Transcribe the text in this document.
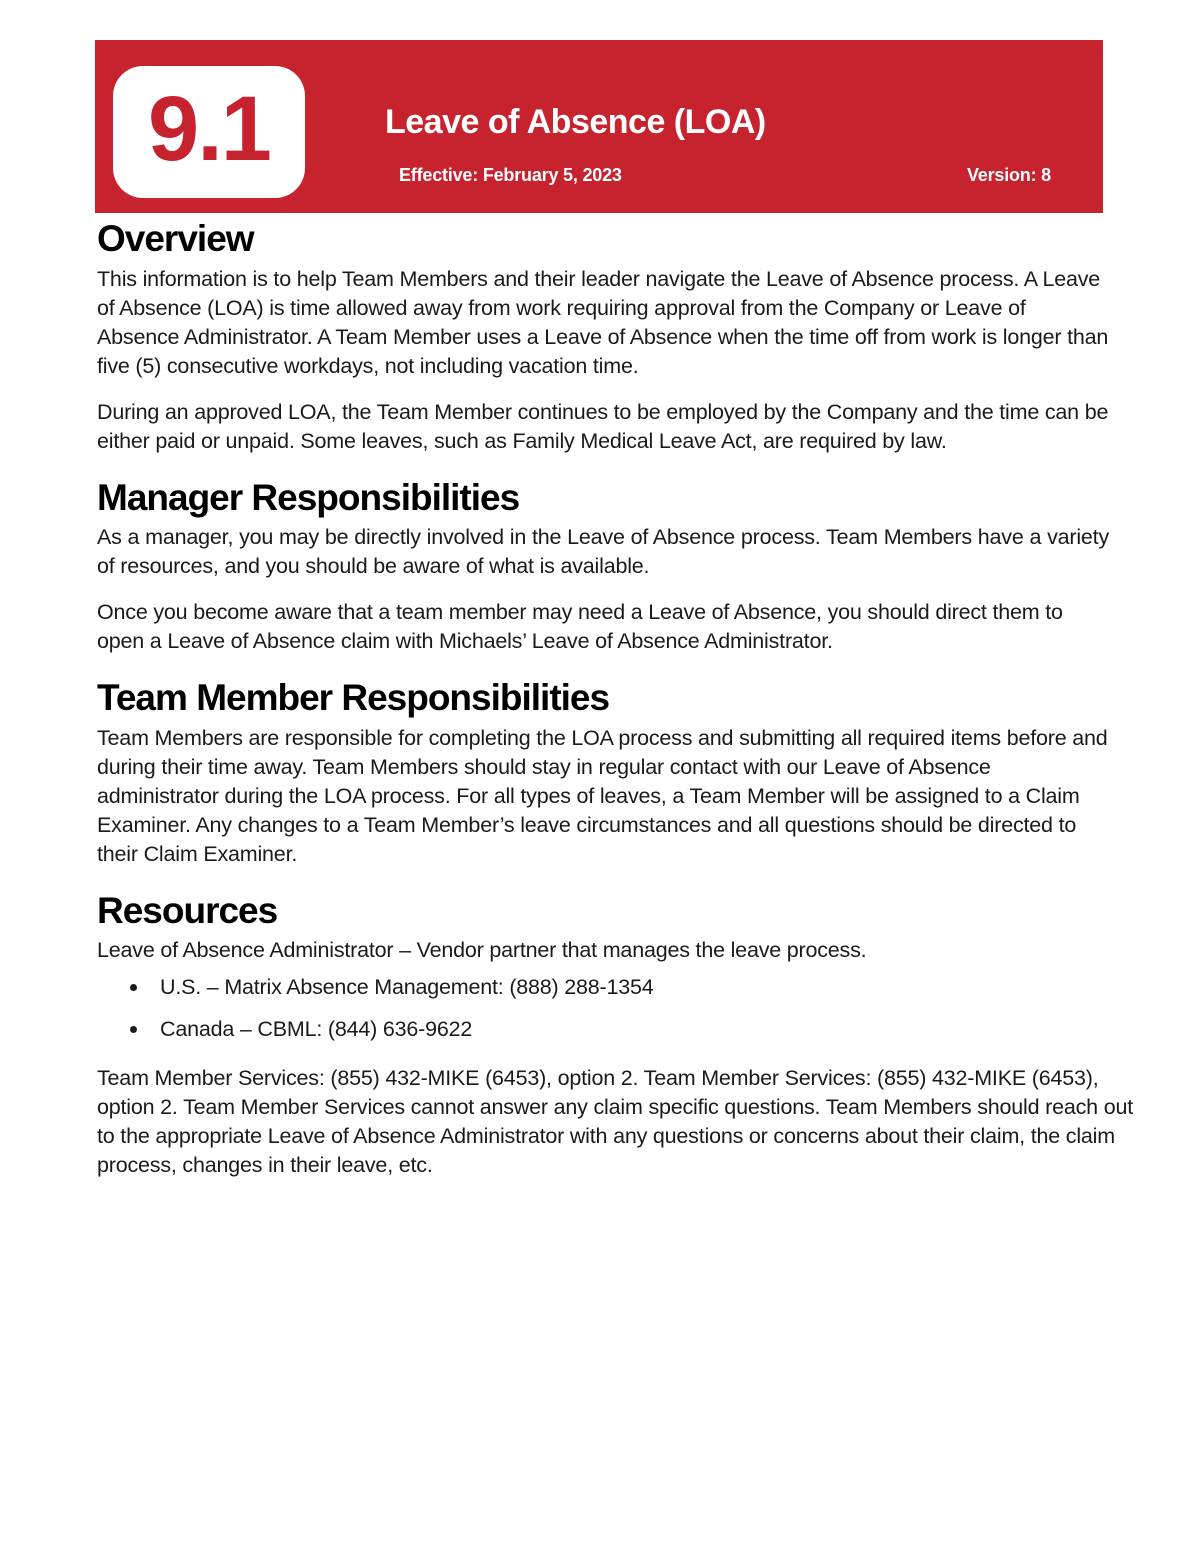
9.1	Leave of Absence (LOA)
Effective: February 5, 2023	Version: 8
Overview

This information is to help Team Members and their leader navigate the Leave of Absence process. A Leave of Absence (LOA) is time allowed away from work requiring approval from the Company or Leave of Absence Administrator. A Team Member uses a Leave of Absence when the time off from work is longer than five (5) consecutive workdays, not including vacation time.

During an approved LOA, the Team Member continues to be employed by the Company and the time can be either paid or unpaid. Some leaves, such as Family Medical Leave Act, are required by law.

Manager Responsibilities

As a manager, you may be directly involved in the Leave of Absence process. Team Members have a variety of resources, and you should be aware of what is available.

Once you become aware that a team member may need a Leave of Absence, you should direct them to open a Leave of Absence claim with Michaels’ Leave of Absence Administrator.

Team Member Responsibilities

Team Members are responsible for completing the LOA process and submitting all required items before and during their time away. Team Members should stay in regular contact with our Leave of Absence administrator during the LOA process. For all types of leaves, a Team Member will be assigned to a Claim Examiner. Any changes to a Team Member’s leave circumstances and all questions should be directed to their Claim Examiner.

Resources

Leave of Absence Administrator – Vendor partner that manages the leave process.

U.S. – Matrix Absence Management: (888) 288-1354
Canada – CBML: (844) 636-9622

Team Member Services: (855) 432-MIKE (6453), option 2. Team Member Services: (855) 432-MIKE (6453), option 2. Team Member Services cannot answer any claim specific questions. Team Members should reach out to the appropriate Leave of Absence Administrator with any questions or concerns about their claim, the claim process, changes in their leave, etc.
